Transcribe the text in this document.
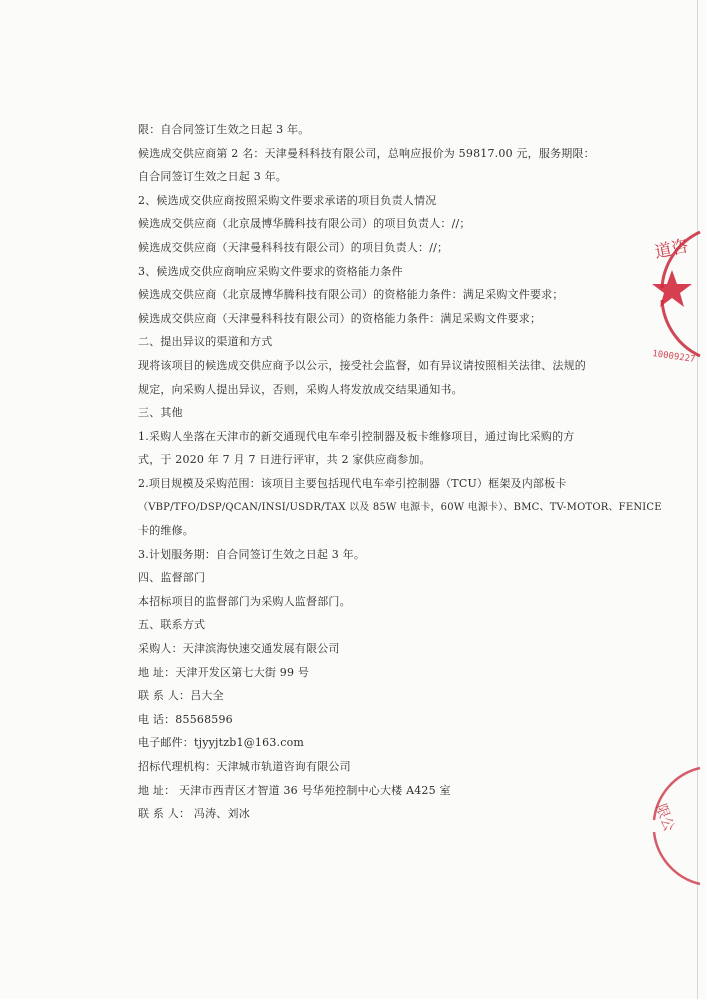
限：自合同签订生效之日起 3 年。
候选成交供应商第 2 名：天津曼科科技有限公司，总响应报价为 59817.00 元，服务期限：
自合同签订生效之日起 3 年。
2、候选成交供应商按照采购文件要求承诺的项目负责人情况
候选成交供应商（北京晟博华腾科技有限公司）的项目负责人：//；
候选成交供应商（天津曼科科技有限公司）的项目负责人：//；
3、候选成交供应商响应采购文件要求的资格能力条件
候选成交供应商（北京晟博华腾科技有限公司）的资格能力条件：满足采购文件要求；
候选成交供应商（天津曼科科技有限公司）的资格能力条件：满足采购文件要求；
二、提出异议的渠道和方式
现将该项目的候选成交供应商予以公示，接受社会监督，如有异议请按照相关法律、法规的
规定，向采购人提出异议，否则，采购人将发放成交结果通知书。
三、其他
1.采购人坐落在天津市的新交通现代电车牵引控制器及板卡维修项目，通过询比采购的方
式，于 2020 年 7 月 7 日进行评审，共 2 家供应商参加。
2.项目规模及采购范围：该项目主要包括现代电车牵引控制器（TCU）框架及内部板卡
（VBP/TFO/DSP/QCAN/INSI/USDR/TAX 以及 85W 电源卡，60W 电源卡）、BMC、TV-MOTOR、FENICE
卡的维修。
3.计划服务期：自合同签订生效之日起 3 年。
四、监督部门
本招标项目的监督部门为采购人监督部门。
五、联系方式
采购人：天津滨海快速交通发展有限公司
地 址：天津开发区第七大街 99 号
联 系 人：吕大全
电 话：85568596
电子邮件：tjyyjtzb1@163.com
招标代理机构：天津城市轨道咨询有限公司
地 址： 天津市西青区才智道 36 号华苑控制中心大楼 A425 室
联 系 人： 冯涛、刘冰
道咨
10009227
限公
